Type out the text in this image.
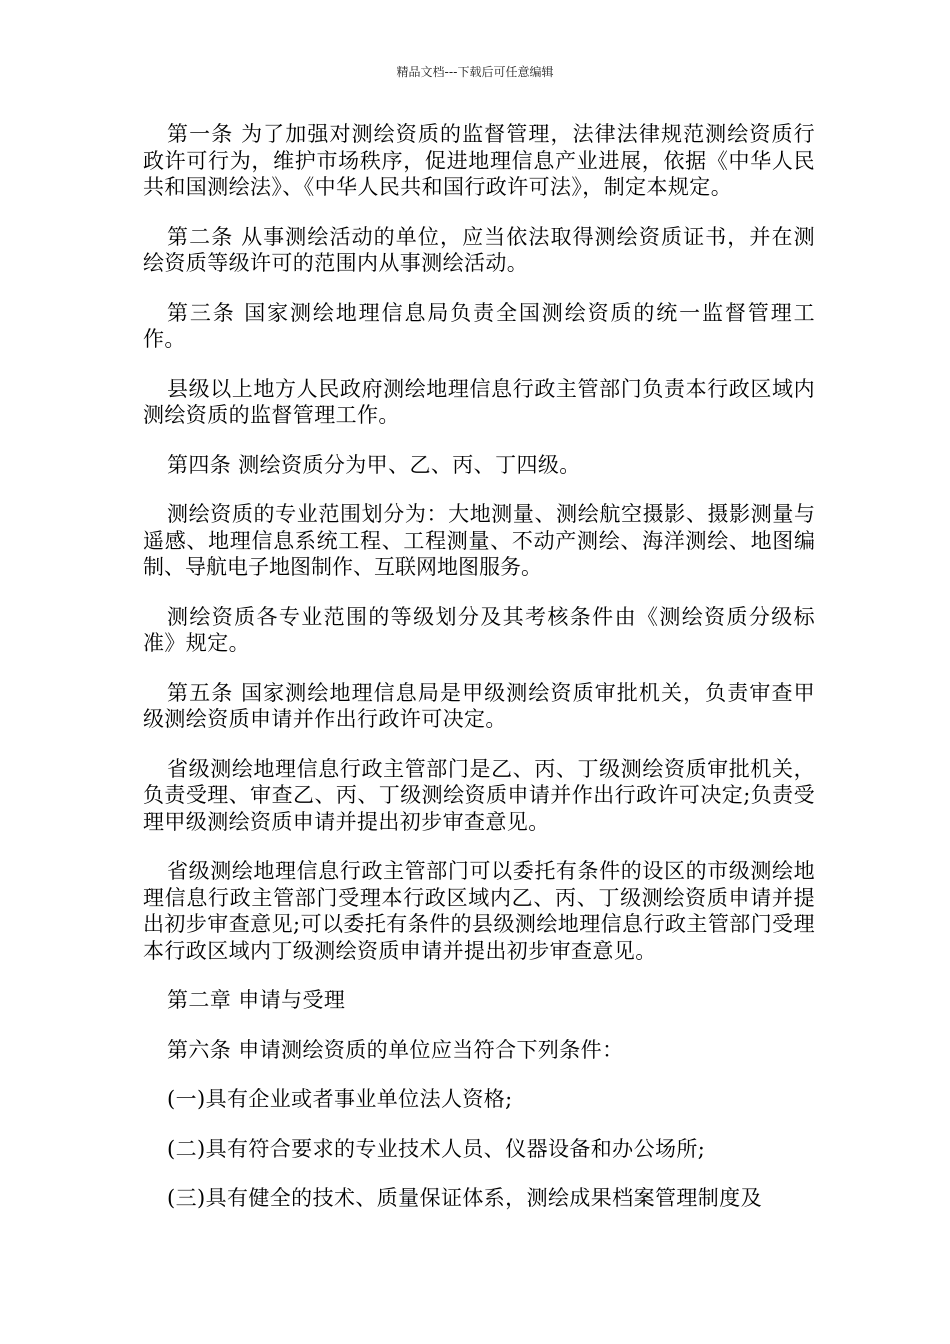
精品文档---下载后可任意编辑

第一条 为了加强对测绘资质的监督管理，法律法律规范测绘资质行政许可行为，维护市场秩序，促进地理信息产业进展，依据《中华人民共和国测绘法》、《中华人民共和国行政许可法》，制定本规定。

第二条 从事测绘活动的单位，应当依法取得测绘资质证书，并在测绘资质等级许可的范围内从事测绘活动。

第三条 国家测绘地理信息局负责全国测绘资质的统一监督管理工作。

县级以上地方人民政府测绘地理信息行政主管部门负责本行政区域内测绘资质的监督管理工作。

第四条 测绘资质分为甲、乙、丙、丁四级。

测绘资质的专业范围划分为：大地测量、测绘航空摄影、摄影测量与遥感、地理信息系统工程、工程测量、不动产测绘、海洋测绘、地图编制、导航电子地图制作、互联网地图服务。

测绘资质各专业范围的等级划分及其考核条件由《测绘资质分级标准》规定。

第五条 国家测绘地理信息局是甲级测绘资质审批机关，负责审查甲级测绘资质申请并作出行政许可决定。

省级测绘地理信息行政主管部门是乙、丙、丁级测绘资质审批机关，负责受理、审查乙、丙、丁级测绘资质申请并作出行政许可决定;负责受理甲级测绘资质申请并提出初步审查意见。

省级测绘地理信息行政主管部门可以委托有条件的设区的市级测绘地理信息行政主管部门受理本行政区域内乙、丙、丁级测绘资质申请并提出初步审查意见;可以委托有条件的县级测绘地理信息行政主管部门受理本行政区域内丁级测绘资质申请并提出初步审查意见。

第二章 申请与受理

第六条 申请测绘资质的单位应当符合下列条件：

(一)具有企业或者事业单位法人资格;

(二)具有符合要求的专业技术人员、仪器设备和办公场所;

(三)具有健全的技术、质量保证体系，测绘成果档案管理制度及
